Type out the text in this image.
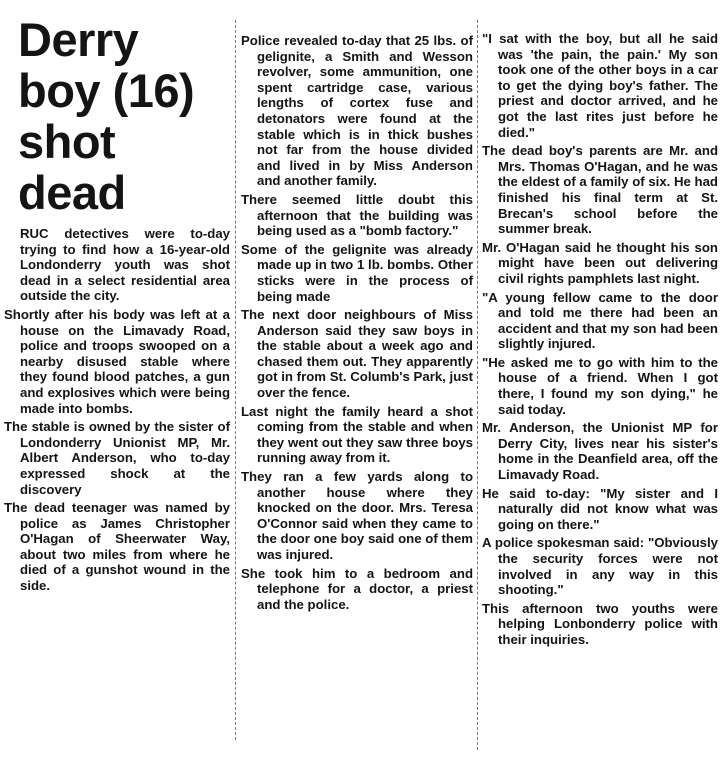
Derry
boy (16)
shot
dead

RUC detectives were to-day trying to find how a 16-year-old Londonderry youth was shot dead in a select residential area outside the city.

Shortly after his body was left at a house on the Limavady Road, police and troops swooped on a nearby disused stable where they found blood patches, a gun and explosives which were being made into bombs.

The stable is owned by the sister of Londonderry Unionist MP, Mr. Albert Anderson, who to-day expressed shock at the discovery

The dead teenager was named by police as James Christopher O'Hagan of Sheerwater Way, about two miles from where he died of a gunshot wound in the side.

Police revealed to-day that 25 lbs. of gelignite, a Smith and Wesson revolver, some ammunition, one spent cartridge case, various lengths of cortex fuse and detonators were found at the stable which is in thick bushes not far from the house divided and lived in by Miss Anderson and another family.

There seemed little doubt this afternoon that the building was being used as a "bomb factory."

Some of the gelignite was already made up in two 1 lb. bombs. Other sticks were in the process of being made

The next door neighbours of Miss Anderson said they saw boys in the stable about a week ago and chased them out. They apparently got in from St. Columb's Park, just over the fence.

Last night the family heard a shot coming from the stable and when they went out they saw three boys running away from it.

They ran a few yards along to another house where they knocked on the door. Mrs. Teresa O'Connor said when they came to the door one boy said one of them was injured.

She took him to a bedroom and telephone for a doctor, a priest and the police.

"I sat with the boy, but all he said was 'the pain, the pain.' My son took one of the other boys in a car to get the dying boy's father. The priest and doctor arrived, and he got the last rites just before he died."

The dead boy's parents are Mr. and Mrs. Thomas O'Hagan, and he was the eldest of a family of six. He had finished his final term at St. Brecan's school before the summer break.

Mr. O'Hagan said he thought his son might have been out delivering civil rights pamphlets last night.

"A young fellow came to the door and told me there had been an accident and that my son had been slightly injured.

"He asked me to go with him to the house of a friend. When I got there, I found my son dying," he said today.

Mr. Anderson, the Unionist MP for Derry City, lives near his sister's home in the Deanfield area, off the Limavady Road.

He said to-day: "My sister and I naturally did not know what was going on there."

A police spokesman said: "Obviously the security forces were not involved in any way in this shooting."

This afternoon two youths were helping Lonbonderry police with their inquiries.
